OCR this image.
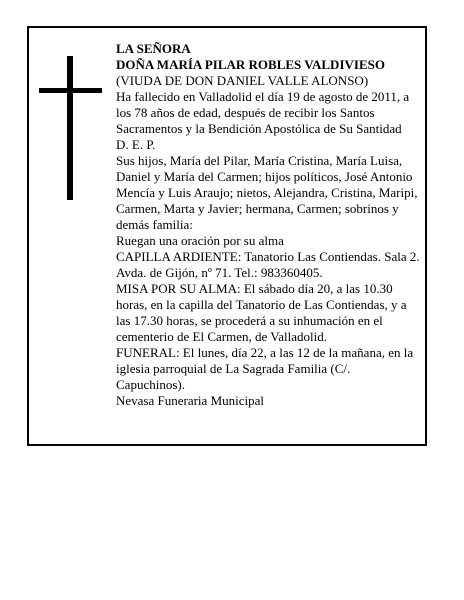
LA SEÑORA

DOÑA MARÍA PILAR ROBLES VALDIVIESO

(VIUDA DE DON DANIEL VALLE ALONSO)

Ha fallecido en Valladolid el día 19 de agosto de 2011, a los 78 años de edad, después de recibir los Santos Sacramentos y la Bendición Apostólica de Su Santidad

D. E. P.

Sus hijos, María del Pilar, María Cristina, María Luisa, Daniel y María del Carmen; hijos políticos, José Antonio Mencía y Luis Araujo; nietos, Alejandra, Cristina, Maripi, Carmen, Marta y Javier; hermana, Carmen; sobrinos y demás familia:

Ruegan una oración por su alma

CAPILLA ARDIENTE: Tanatorio Las Contiendas. Sala 2. Avda. de Gijón, nº 71. Tel.: 983360405.

MISA POR SU ALMA: El sábado día 20, a las 10.30 horas, en la capilla del Tanatorio de Las Contiendas, y a las 17.30 horas, se procederá a su inhumación en el cementerio de El Carmen, de Valladolid.

FUNERAL: El lunes, día 22, a las 12 de la mañana, en la iglesia parroquial de La Sagrada Familia (C/. Capuchinos).

Nevasa Funeraria Municipal
